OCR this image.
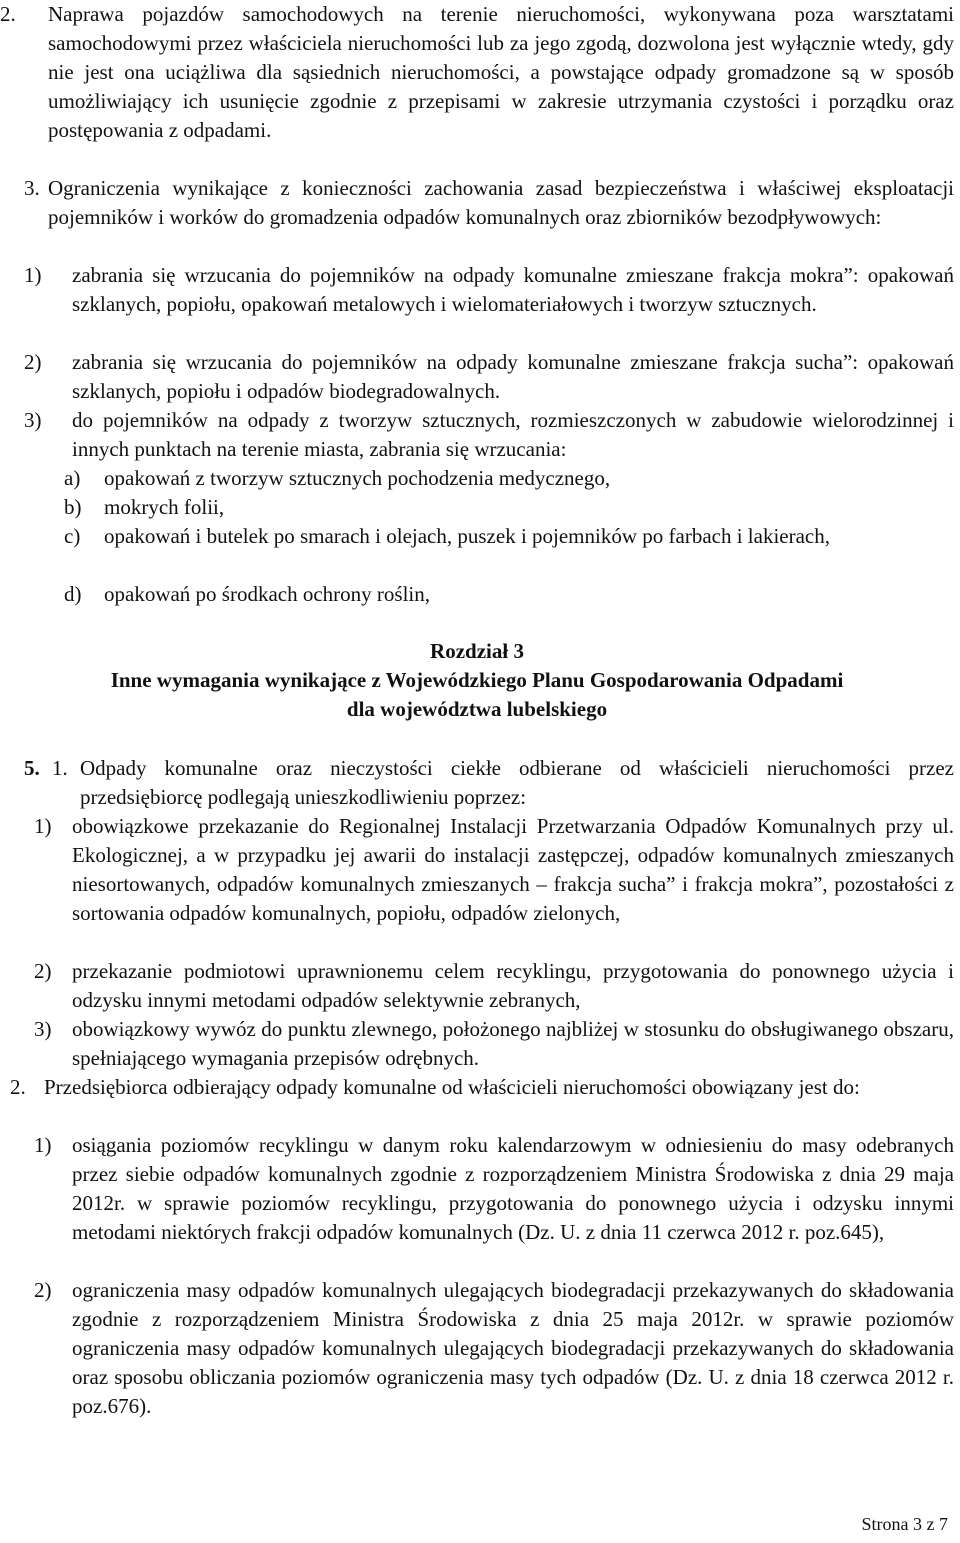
2.	Naprawa pojazdów samochodowych na terenie nieruchomości, wykonywana poza warsztatami samochodowymi przez właściciela nieruchomości lub za jego zgodą, dozwolona jest wyłącznie wtedy, gdy nie jest ona uciążliwa dla sąsiednich nieruchomości, a powstające odpady gromadzone są w sposób umożliwiający ich usunięcie zgodnie z przepisami w zakresie utrzymania czystości i porządku oraz postępowania z odpadami.
3. Ograniczenia wynikające z konieczności zachowania zasad bezpieczeństwa i właściwej eksploatacji pojemników i worków do gromadzenia odpadów komunalnych oraz zbiorników bezodpływowych:
1)	zabrania się wrzucania do pojemników na odpady komunalne zmieszane frakcja mokra”: opakowań szklanych, popiołu, opakowań metalowych i wielomateriałowych i tworzyw sztucznych.
2)	zabrania się wrzucania do pojemników na odpady komunalne zmieszane frakcja sucha”: opakowań szklanych, popiołu i odpadów biodegradowalnych.
3)	do pojemników na odpady z tworzyw sztucznych, rozmieszczonych w zabudowie wielorodzinnej i innych punktach na terenie miasta, zabrania się wrzucania:
a)	opakowań z tworzyw sztucznych pochodzenia medycznego,
b)	mokrych folii,
c)	opakowań i butelek po smarach i olejach, puszek i pojemników po farbach i lakierach,
d)	opakowań po środkach ochrony roślin,

Rozdział 3

Inne wymagania wynikające z Wojewódzkiego Planu Gospodarowania Odpadami

dla województwa lubelskiego

5. 1. Odpady komunalne oraz nieczystości ciekłe odbierane od właścicieli nieruchomości przez przedsiębiorcę podlegają unieszkodliwieniu poprzez:
1) obowiązkowe przekazanie do Regionalnej Instalacji Przetwarzania Odpadów Komunalnych przy ul. Ekologicznej, a w przypadku jej awarii do instalacji zastępczej, odpadów komunalnych zmieszanych niesortowanych, odpadów komunalnych zmieszanych – frakcja sucha” i frakcja mokra”, pozostałości z sortowania odpadów komunalnych, popiołu, odpadów zielonych,
2) przekazanie podmiotowi uprawnionemu celem recyklingu, przygotowania do ponownego użycia i odzysku innymi metodami odpadów selektywnie zebranych,
3) obowiązkowy wywóz do punktu zlewnego, położonego najbliżej w stosunku do obsługiwanego obszaru, spełniającego wymagania przepisów odrębnych.
2. Przedsiębiorca odbierający odpady komunalne od właścicieli nieruchomości obowiązany jest do:
1) osiągania poziomów recyklingu w danym roku kalendarzowym w odniesieniu do masy odebranych przez siebie odpadów komunalnych zgodnie z rozporządzeniem Ministra Środowiska z dnia 29 maja 2012r. w sprawie poziomów recyklingu, przygotowania do ponownego użycia i odzysku innymi metodami niektórych frakcji odpadów komunalnych (Dz. U. z dnia 11 czerwca 2012 r. poz.645),
2) ograniczenia masy odpadów komunalnych ulegających biodegradacji przekazywanych do składowania zgodnie z rozporządzeniem Ministra Środowiska z dnia 25 maja 2012r. w sprawie poziomów ograniczenia masy odpadów komunalnych ulegających biodegradacji przekazywanych do składowania oraz sposobu obliczania poziomów ograniczenia masy tych odpadów (Dz. U. z dnia 18 czerwca 2012 r. poz.676).
Strona 3 z 7
